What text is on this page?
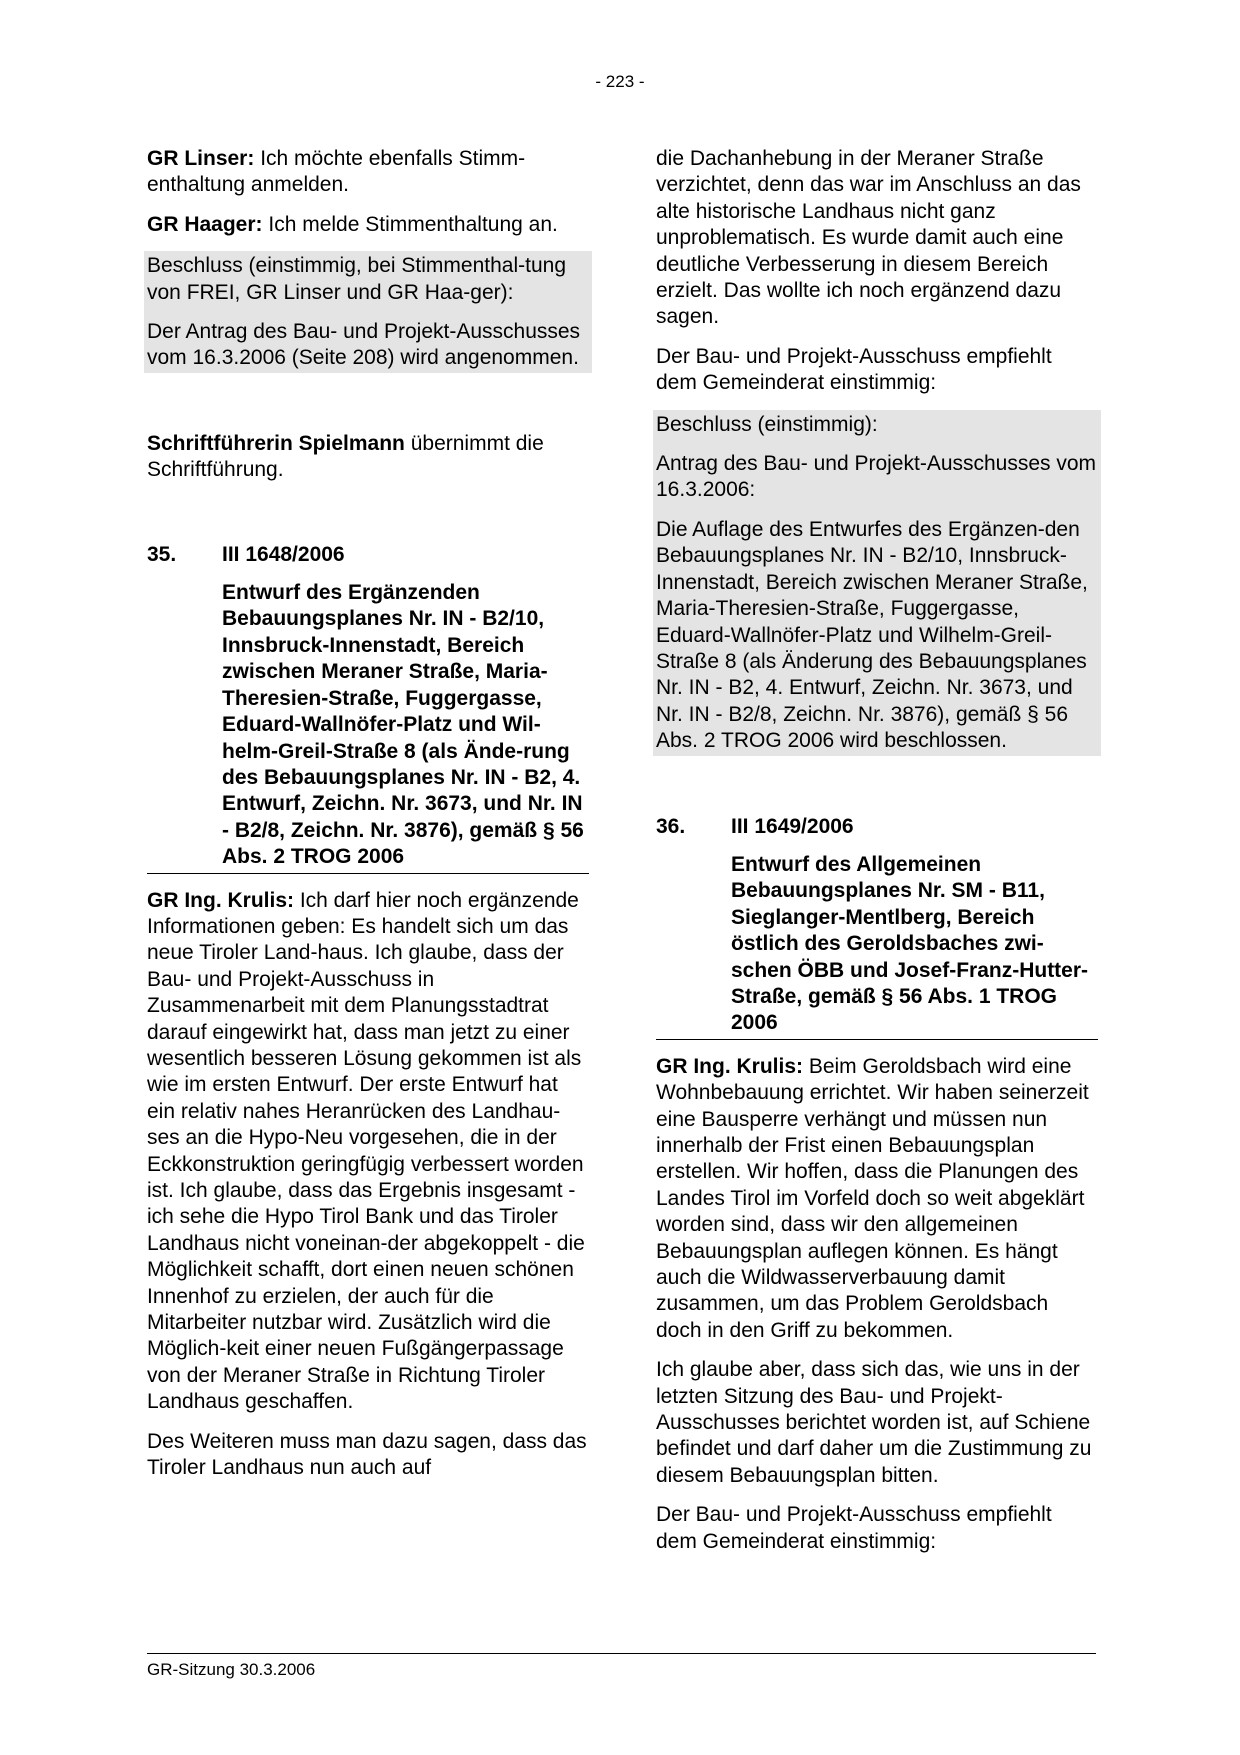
- 223 -

GR Linser: Ich möchte ebenfalls Stimm-enthaltung anmelden.

GR Haager: Ich melde Stimmenthaltung an.

Beschluss (einstimmig, bei Stimmenthal-tung von FREI, GR Linser und GR Haa-ger):

Der Antrag des Bau- und Projekt-Ausschusses vom 16.3.2006 (Seite 208) wird angenommen.

Schriftführerin Spielmann übernimmt die Schriftführung.

35.	III 1648/2006
Entwurf des Ergänzenden Bebauungsplanes Nr. IN - B2/10, Innsbruck-Innenstadt, Bereich zwischen Meraner Straße, Maria-Theresien-Straße, Fuggergasse, Eduard-Wallnöfer-Platz und Wil-helm-Greil-Straße 8 (als Ände-rung des Bebauungsplanes Nr. IN - B2, 4. Entwurf, Zeichn. Nr. 3673, und Nr. IN - B2/8, Zeichn. Nr. 3876), gemäß § 56 Abs. 2 TROG 2006

GR Ing. Krulis: Ich darf hier noch ergänzende Informationen geben: Es handelt sich um das neue Tiroler Land-haus. Ich glaube, dass der Bau- und Projekt-Ausschuss in Zusammenarbeit mit dem Planungsstadtrat darauf eingewirkt hat, dass man jetzt zu einer wesentlich besseren Lösung gekommen ist als wie im ersten Entwurf. Der erste Entwurf hat ein relativ nahes Heranrücken des Landhau-ses an die Hypo-Neu vorgesehen, die in der Eckkonstruktion geringfügig verbessert worden ist. Ich glaube, dass das Ergebnis insgesamt - ich sehe die Hypo Tirol Bank und das Tiroler Landhaus nicht voneinan-der abgekoppelt - die Möglichkeit schafft, dort einen neuen schönen Innenhof zu erzielen, der auch für die Mitarbeiter nutzbar wird. Zusätzlich wird die Möglich-keit einer neuen Fußgängerpassage von der Meraner Straße in Richtung Tiroler Landhaus geschaffen.

Des Weiteren muss man dazu sagen, dass das Tiroler Landhaus nun auch auf

die Dachanhebung in der Meraner Straße verzichtet, denn das war im Anschluss an das alte historische Landhaus nicht ganz unproblematisch. Es wurde damit auch eine deutliche Verbesserung in diesem Bereich erzielt. Das wollte ich noch ergänzend dazu sagen.

Der Bau- und Projekt-Ausschuss empfiehlt dem Gemeinderat einstimmig:

Beschluss (einstimmig):

Antrag des Bau- und Projekt-Ausschusses vom 16.3.2006:

Die Auflage des Entwurfes des Ergänzen-den Bebauungsplanes Nr. IN - B2/10, Innsbruck-Innenstadt, Bereich zwischen Meraner Straße, Maria-Theresien-Straße, Fuggergasse, Eduard-Wallnöfer-Platz und Wilhelm-Greil-Straße 8 (als Änderung des Bebauungsplanes Nr. IN - B2, 4. Entwurf, Zeichn. Nr. 3673, und Nr. IN - B2/8, Zeichn. Nr. 3876), gemäß § 56 Abs. 2 TROG 2006 wird beschlossen.

36.	III 1649/2006
Entwurf des Allgemeinen Bebauungsplanes Nr. SM - B11, Sieglanger-Mentlberg, Bereich östlich des Geroldsbaches zwi-schen ÖBB und Josef-Franz-Hutter-Straße, gemäß § 56 Abs. 1 TROG 2006

GR Ing. Krulis: Beim Geroldsbach wird eine Wohnbebauung errichtet. Wir haben seinerzeit eine Bausperre verhängt und müssen nun innerhalb der Frist einen Bebauungsplan erstellen. Wir hoffen, dass die Planungen des Landes Tirol im Vorfeld doch so weit abgeklärt worden sind, dass wir den allgemeinen Bebauungsplan auflegen können. Es hängt auch die Wildwasserverbauung damit zusammen, um das Problem Geroldsbach doch in den Griff zu bekommen.

Ich glaube aber, dass sich das, wie uns in der letzten Sitzung des Bau- und Projekt-Ausschusses berichtet worden ist, auf Schiene befindet und darf daher um die Zustimmung zu diesem Bebauungsplan bitten.

Der Bau- und Projekt-Ausschuss empfiehlt dem Gemeinderat einstimmig:

GR-Sitzung 30.3.2006
